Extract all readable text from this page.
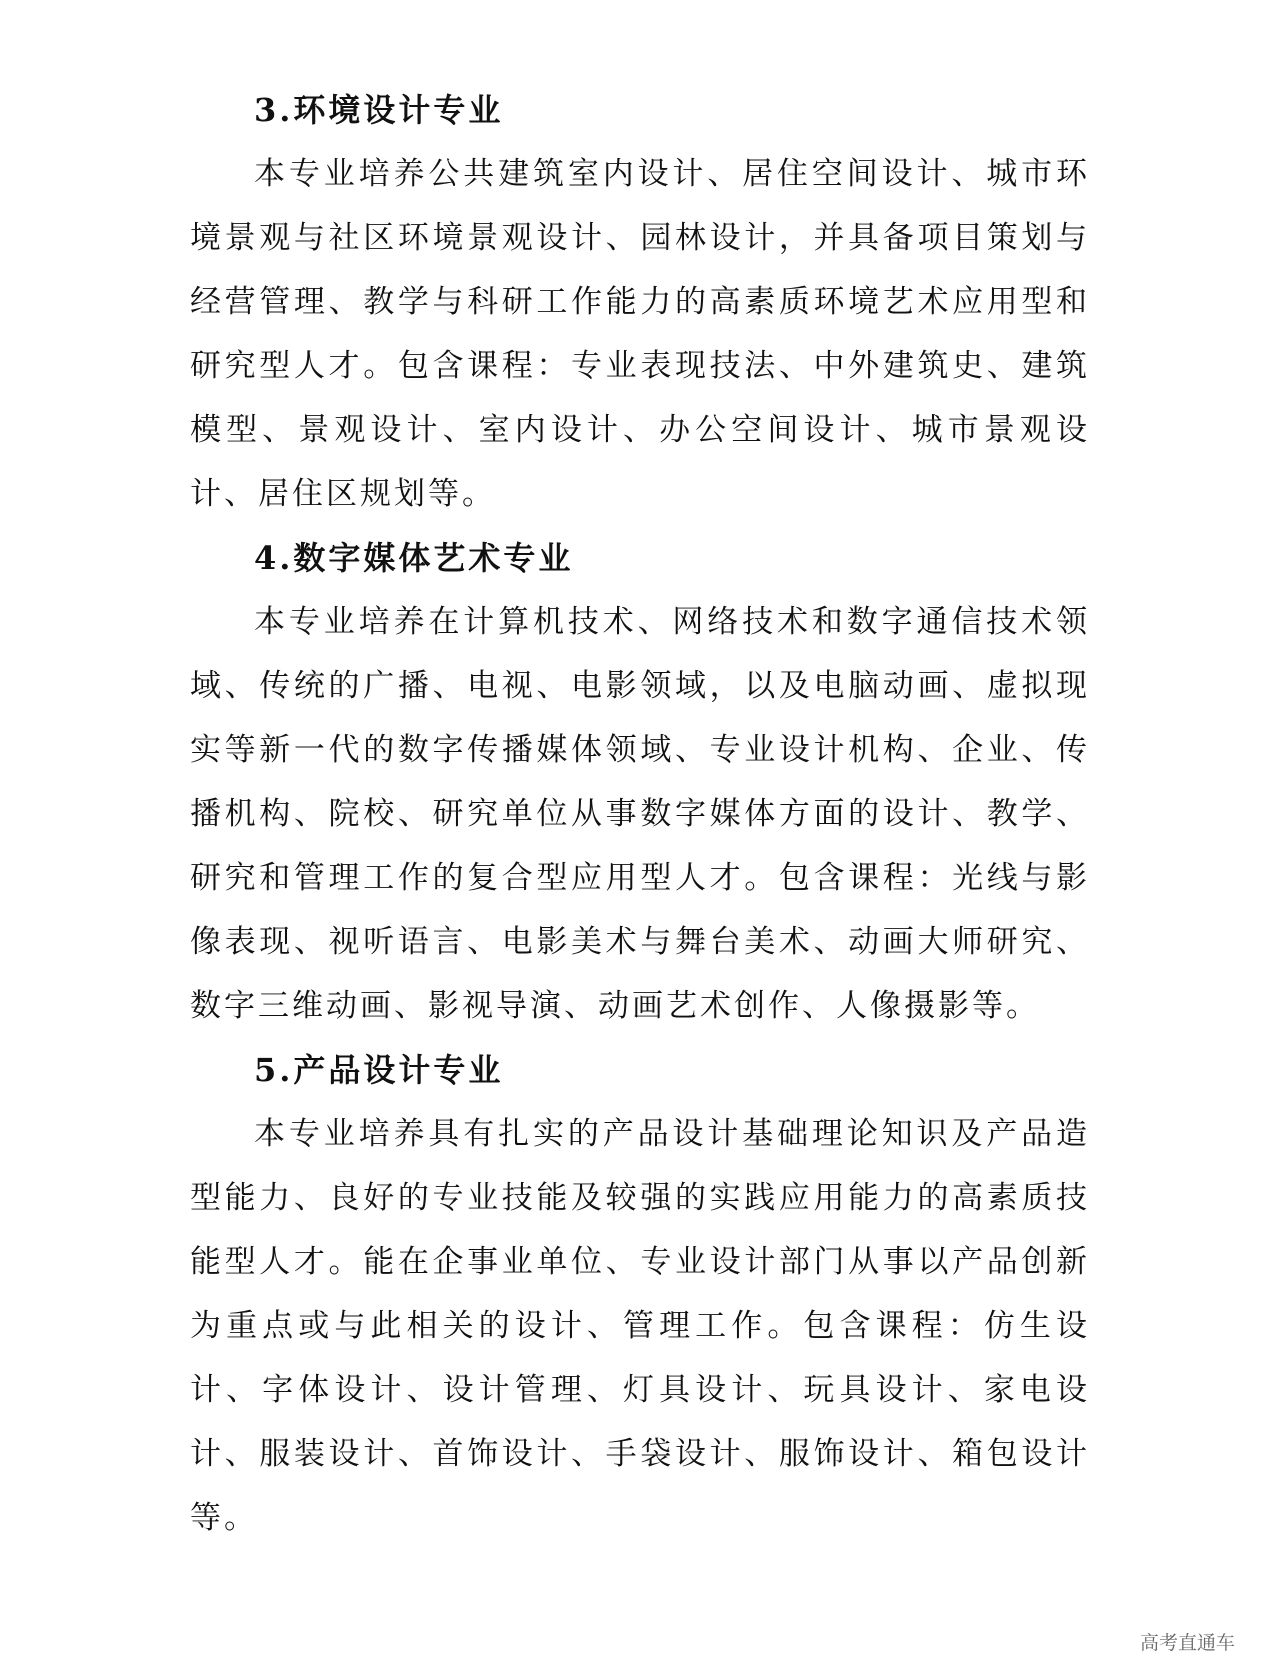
3.环境设计专业

本专业培养公共建筑室内设计、居住空间设计、城市环境景观与社区环境景观设计、园林设计，并具备项目策划与经营管理、教学与科研工作能力的高素质环境艺术应用型和研究型人才。包含课程：专业表现技法、中外建筑史、建筑模型、景观设计、室内设计、办公空间设计、城市景观设计、居住区规划等。

4.数字媒体艺术专业

本专业培养在计算机技术、网络技术和数字通信技术领域、传统的广播、电视、电影领域，以及电脑动画、虚拟现实等新一代的数字传播媒体领域、专业设计机构、企业、传播机构、院校、研究单位从事数字媒体方面的设计、教学、研究和管理工作的复合型应用型人才。包含课程：光线与影像表现、视听语言、电影美术与舞台美术、动画大师研究、数字三维动画、影视导演、动画艺术创作、人像摄影等。

5.产品设计专业

本专业培养具有扎实的产品设计基础理论知识及产品造型能力、良好的专业技能及较强的实践应用能力的高素质技能型人才。能在企事业单位、专业设计部门从事以产品创新为重点或与此相关的设计、管理工作。包含课程：仿生设计、字体设计、设计管理、灯具设计、玩具设计、家电设计、服装设计、首饰设计、手袋设计、服饰设计、箱包设计等。

高考直通车
